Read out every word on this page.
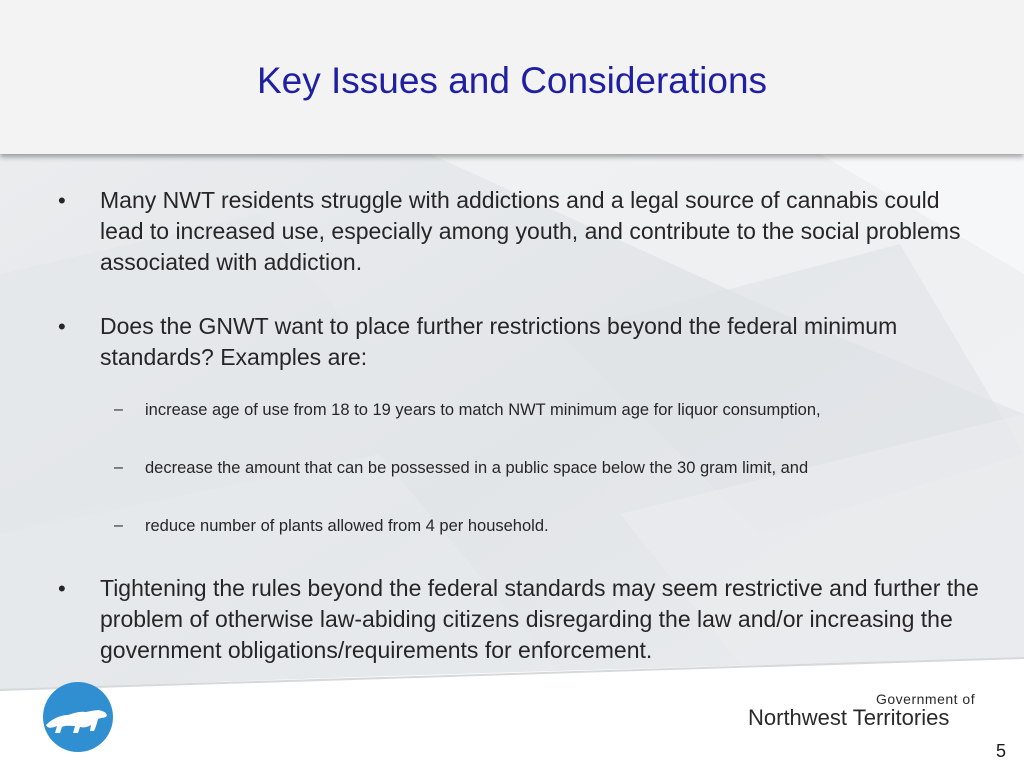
Key Issues and Considerations
• Many NWT residents struggle with addictions and a legal source of cannabis could lead to increased use, especially among youth, and contribute to the social problems associated with addiction.
• Does the GNWT want to place further restrictions beyond the federal minimum standards? Examples are:
– increase age of use from 18 to 19 years to match NWT minimum age for liquor consumption,
– decrease the amount that can be possessed in a public space below the 30 gram limit, and
– reduce number of plants allowed from 4 per household.
• Tightening the rules beyond the federal standards may seem restrictive and further the problem of otherwise law-abiding citizens disregarding the law and/or increasing the government obligations/requirements for enforcement.
Government of
Northwest Territories
5
